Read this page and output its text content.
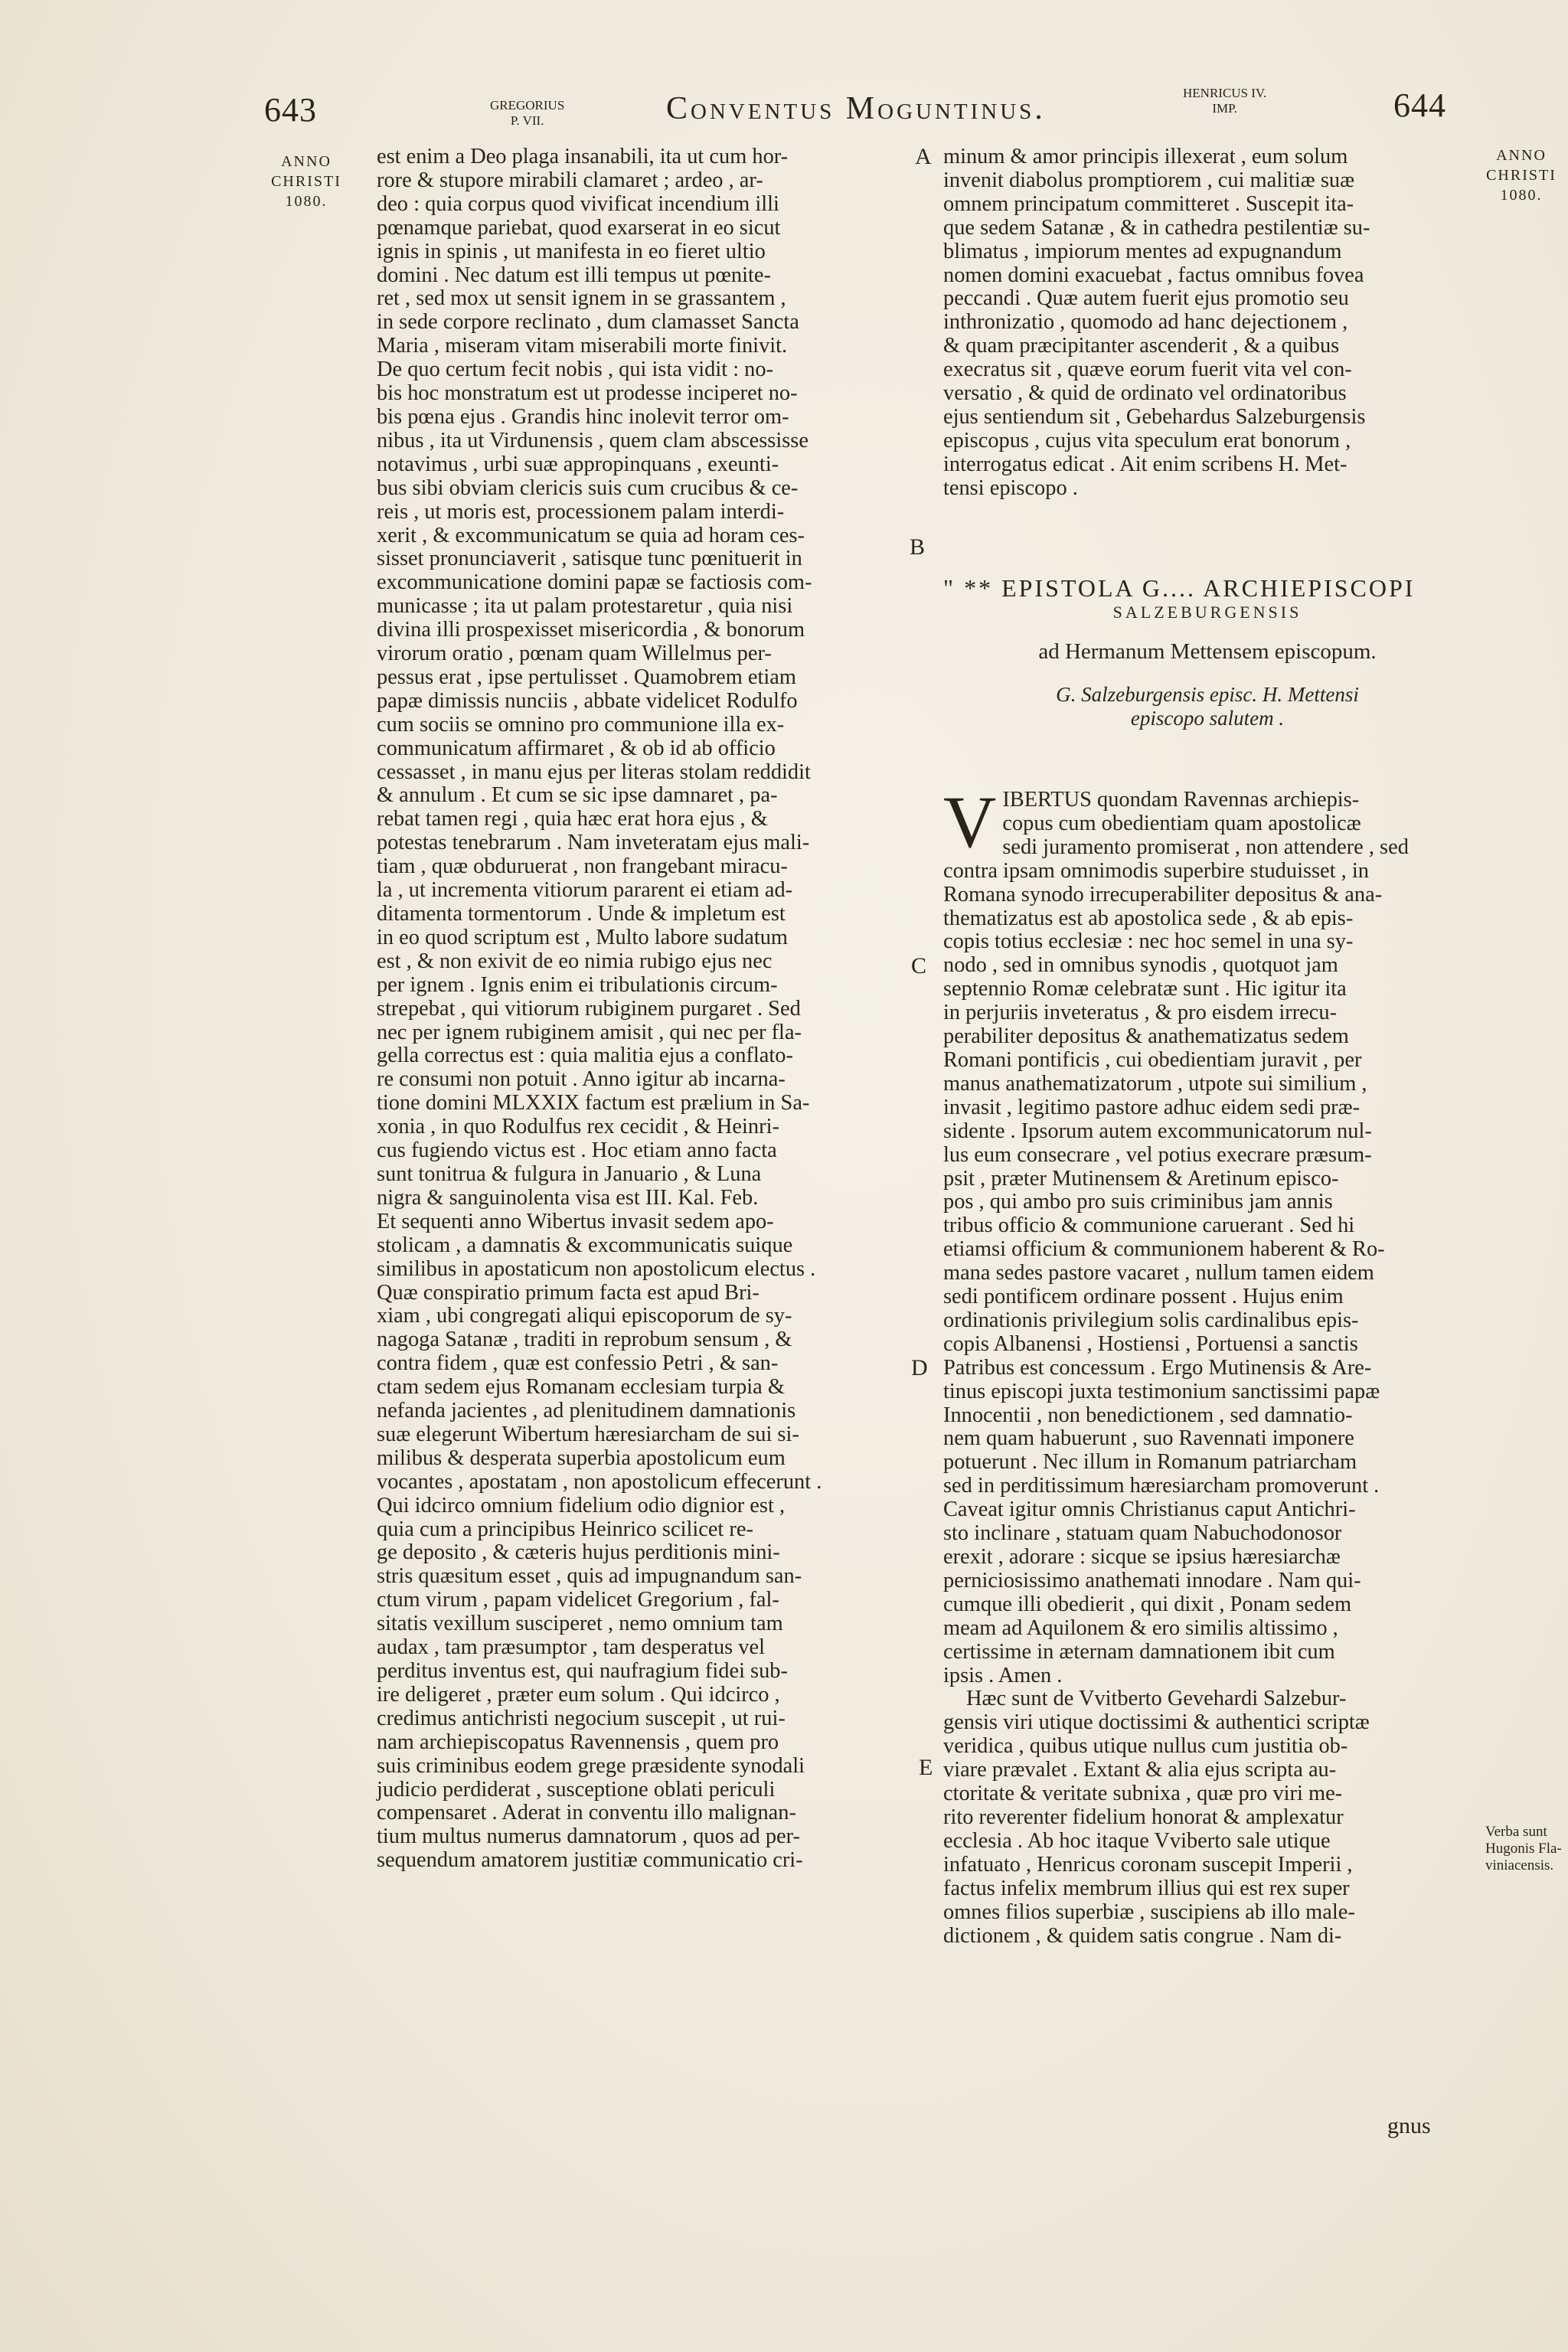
643	GREGORIUS
P. VII.	Conventus Moguntinus.	HENRICUS IV.
IMP.	644
ANNO
CHRISTI
1080.
ANNO
CHRISTI
1080.
A
B
C
D
E

est enim a Deo plaga insanabili, ita ut cum hor-

rore & stupore mirabili clamaret ; ardeo , ar-

deo : quia corpus quod vivificat incendium illi

pœnamque pariebat, quod exarserat in eo sicut

ignis in spinis , ut manifesta in eo fieret ultio

domini . Nec datum est illi tempus ut pœnite-

ret , sed mox ut sensit ignem in se grassantem ,

in sede corpore reclinato , dum clamasset Sancta

Maria , miseram vitam miserabili morte finivit.

De quo certum fecit nobis , qui ista vidit : no-

bis hoc monstratum est ut prodesse inciperet no-

bis pœna ejus . Grandis hinc inolevit terror om-

nibus , ita ut Virdunensis , quem clam abscessisse

notavimus , urbi suæ appropinquans , exeunti-

bus sibi obviam clericis suis cum crucibus & ce-

reis , ut moris est, processionem palam interdi-

xerit , & excommunicatum se quia ad horam ces-

sisset pronunciaverit , satisque tunc pœnituerit in

excommunicatione domini papæ se factiosis com-

municasse ; ita ut palam protestaretur , quia nisi

divina illi prospexisset misericordia , & bonorum

virorum oratio , pœnam quam Willelmus per-

pessus erat , ipse pertulisset . Quamobrem etiam

papæ dimissis nunciis , abbate videlicet Rodulfo

cum sociis se omnino pro communione illa ex-

communicatum affirmaret , & ob id ab officio

cessasset , in manu ejus per literas stolam reddidit

& annulum . Et cum se sic ipse damnaret , pa-

rebat tamen regi , quia hæc erat hora ejus , &

potestas tenebrarum . Nam inveteratam ejus mali-

tiam , quæ obduruerat , non frangebant miracu-

la , ut incrementa vitiorum pararent ei etiam ad-

ditamenta tormentorum . Unde & impletum est

in eo quod scriptum est , Multo labore sudatum

est , & non exivit de eo nimia rubigo ejus nec

per ignem . Ignis enim ei tribulationis circum-

strepebat , qui vitiorum rubiginem purgaret . Sed

nec per ignem rubiginem amisit , qui nec per fla-

gella correctus est : quia malitia ejus a conflato-

re consumi non potuit . Anno igitur ab incarna-

tione domini MLXXIX factum est prælium in Sa-

xonia , in quo Rodulfus rex cecidit , & Heinri-

cus fugiendo victus est . Hoc etiam anno facta

sunt tonitrua & fulgura in Januario , & Luna

nigra & sanguinolenta visa est III. Kal. Feb.

Et sequenti anno Wibertus invasit sedem apo-

stolicam , a damnatis & excommunicatis suique

similibus in apostaticum non apostolicum electus .

Quæ conspiratio primum facta est apud Bri-

xiam , ubi congregati aliqui episcoporum de sy-

nagoga Satanæ , traditi in reprobum sensum , &

contra fidem , quæ est confessio Petri , & san-

ctam sedem ejus Romanam ecclesiam turpia &

nefanda jacientes , ad plenitudinem damnationis

suæ elegerunt Wibertum hæresiarcham de sui si-

milibus & desperata superbia apostolicum eum

vocantes , apostatam , non apostolicum effecerunt .

Qui idcirco omnium fidelium odio dignior est ,

quia cum a principibus Heinrico scilicet re-

ge deposito , & cæteris hujus perditionis mini-

stris quæsitum esset , quis ad impugnandum san-

ctum virum , papam videlicet Gregorium , fal-

sitatis vexillum susciperet , nemo omnium tam

audax , tam præsumptor , tam desperatus vel

perditus inventus est, qui naufragium fidei sub-

ire deligeret , præter eum solum . Qui idcirco ,

credimus antichristi negocium suscepit , ut rui-

nam archiepiscopatus Ravennensis , quem pro

suis criminibus eodem grege præsidente synodali

judicio perdiderat , susceptione oblati periculi

compensaret . Aderat in conventu illo malignan-

tium multus numerus damnatorum , quos ad per-

sequendum amatorem justitiæ communicatio cri-

minum & amor principis illexerat , eum solum

invenit diabolus promptiorem , cui malitiæ suæ

omnem principatum committeret . Suscepit ita-

que sedem Satanæ , & in cathedra pestilentiæ su-

blimatus , impiorum mentes ad expugnandum

nomen domini exacuebat , factus omnibus fovea

peccandi . Quæ autem fuerit ejus promotio seu

inthronizatio , quomodo ad hanc dejectionem ,

& quam præcipitanter ascenderit , & a quibus

execratus sit , quæve eorum fuerit vita vel con-

versatio , & quid de ordinato vel ordinatoribus

ejus sentiendum sit , Gebehardus Salzeburgensis

episcopus , cujus vita speculum erat bonorum ,

interrogatus edicat . Ait enim scribens H. Met-

tensi episcopo .

" ** EPISTOLA G.... ARCHIEPISCOPI
SALZEBURGENSIS
ad Hermanum Mettensem episcopum.
G. Salzeburgensis episc. H. Mettensi
episcopo salutem .
V IBERTUS quondam Ravennas archiepis-

copus cum obedientiam quam apostolicæ

sedi juramento promiserat , non attendere , sed

contra ipsam omnimodis superbire studuisset , in

Romana synodo irrecuperabiliter depositus & ana-

thematizatus est ab apostolica sede , & ab epis-

copis totius ecclesiæ : nec hoc semel in una sy-

nodo , sed in omnibus synodis , quotquot jam

septennio Romæ celebratæ sunt . Hic igitur ita

in perjuriis inveteratus , & pro eisdem irrecu-

perabiliter depositus & anathematizatus sedem

Romani pontificis , cui obedientiam juravit , per

manus anathematizatorum , utpote sui similium ,

invasit , legitimo pastore adhuc eidem sedi præ-

sidente . Ipsorum autem excommunicatorum nul-

lus eum consecrare , vel potius execrare præsum-

psit , præter Mutinensem & Aretinum episco-

pos , qui ambo pro suis criminibus jam annis

tribus officio & communione caruerant . Sed hi

etiamsi officium & communionem haberent & Ro-

mana sedes pastore vacaret , nullum tamen eidem

sedi pontificem ordinare possent . Hujus enim

ordinationis privilegium solis cardinalibus epis-

copis Albanensi , Hostiensi , Portuensi a sanctis

Patribus est concessum . Ergo Mutinensis & Are-

tinus episcopi juxta testimonium sanctissimi papæ

Innocentii , non benedictionem , sed damnatio-

nem quam habuerunt , suo Ravennati imponere

potuerunt . Nec illum in Romanum patriarcham

sed in perditissimum hæresiarcham promoverunt .

Caveat igitur omnis Christianus caput Antichri-

sto inclinare , statuam quam Nabuchodonosor

erexit , adorare : sicque se ipsius hæresiarchæ

perniciosissimo anathemati innodare . Nam qui-

cumque illi obedierit , qui dixit , Ponam sedem

meam ad Aquilonem & ero similis altissimo ,

certissime in æternam damnationem ibit cum

ipsis . Amen .

Hæc sunt de Vvitberto Gevehardi Salzebur-

gensis viri utique doctissimi & authentici scriptæ

veridica , quibus utique nullus cum justitia ob-

viare prævalet . Extant & alia ejus scripta au-

ctoritate & veritate subnixa , quæ pro viri me-

rito reverenter fidelium honorat & amplexatur

ecclesia . Ab hoc itaque Vviberto sale utique

infatuato , Henricus coronam suscepit Imperii ,

factus infelix membrum illius qui est rex super

omnes filios superbiæ , suscipiens ab illo male-

dictionem , & quidem satis congrue . Nam di-

Verba sunt
Hugonis Fla-
viniacensis.
gnus
